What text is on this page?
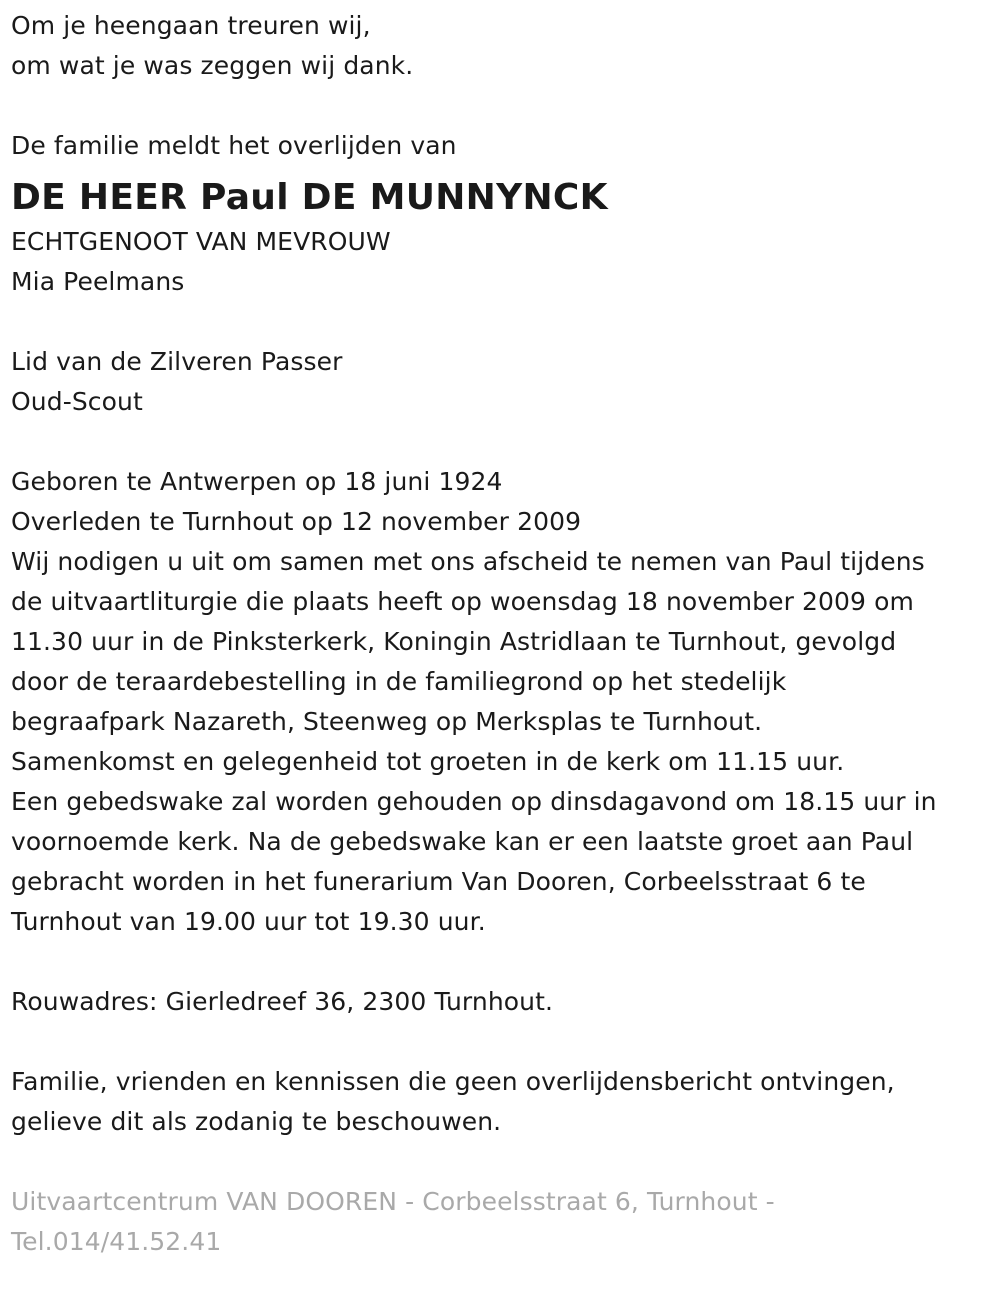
Om je heengaan treuren wij,
om wat je was zeggen wij dank.
De familie meldt het overlijden van
DE HEER Paul DE MUNNYNCK
ECHTGENOOT VAN MEVROUW
Mia Peelmans
Lid van de Zilveren Passer
Oud-Scout
Geboren te Antwerpen op 18 juni 1924
Overleden te Turnhout op 12 november 2009
Wij nodigen u uit om samen met ons afscheid te nemen van Paul tijdens
de uitvaartliturgie die plaats heeft op woensdag 18 november 2009 om
11.30 uur in de Pinksterkerk, Koningin Astridlaan te Turnhout, gevolgd
door de teraardebestelling in de familiegrond op het stedelijk
begraafpark Nazareth, Steenweg op Merksplas te Turnhout.
Samenkomst en gelegenheid tot groeten in de kerk om 11.15 uur.
Een gebedswake zal worden gehouden op dinsdagavond om 18.15 uur in
voornoemde kerk. Na de gebedswake kan er een laatste groet aan Paul
gebracht worden in het funerarium Van Dooren, Corbeelsstraat 6 te
Turnhout van 19.00 uur tot 19.30 uur.
Rouwadres: Gierledreef 36, 2300 Turnhout.
Familie, vrienden en kennissen die geen overlijdensbericht ontvingen,
gelieve dit als zodanig te beschouwen.
Uitvaartcentrum VAN DOOREN - Corbeelsstraat 6, Turnhout -
Tel.014/41.52.41
